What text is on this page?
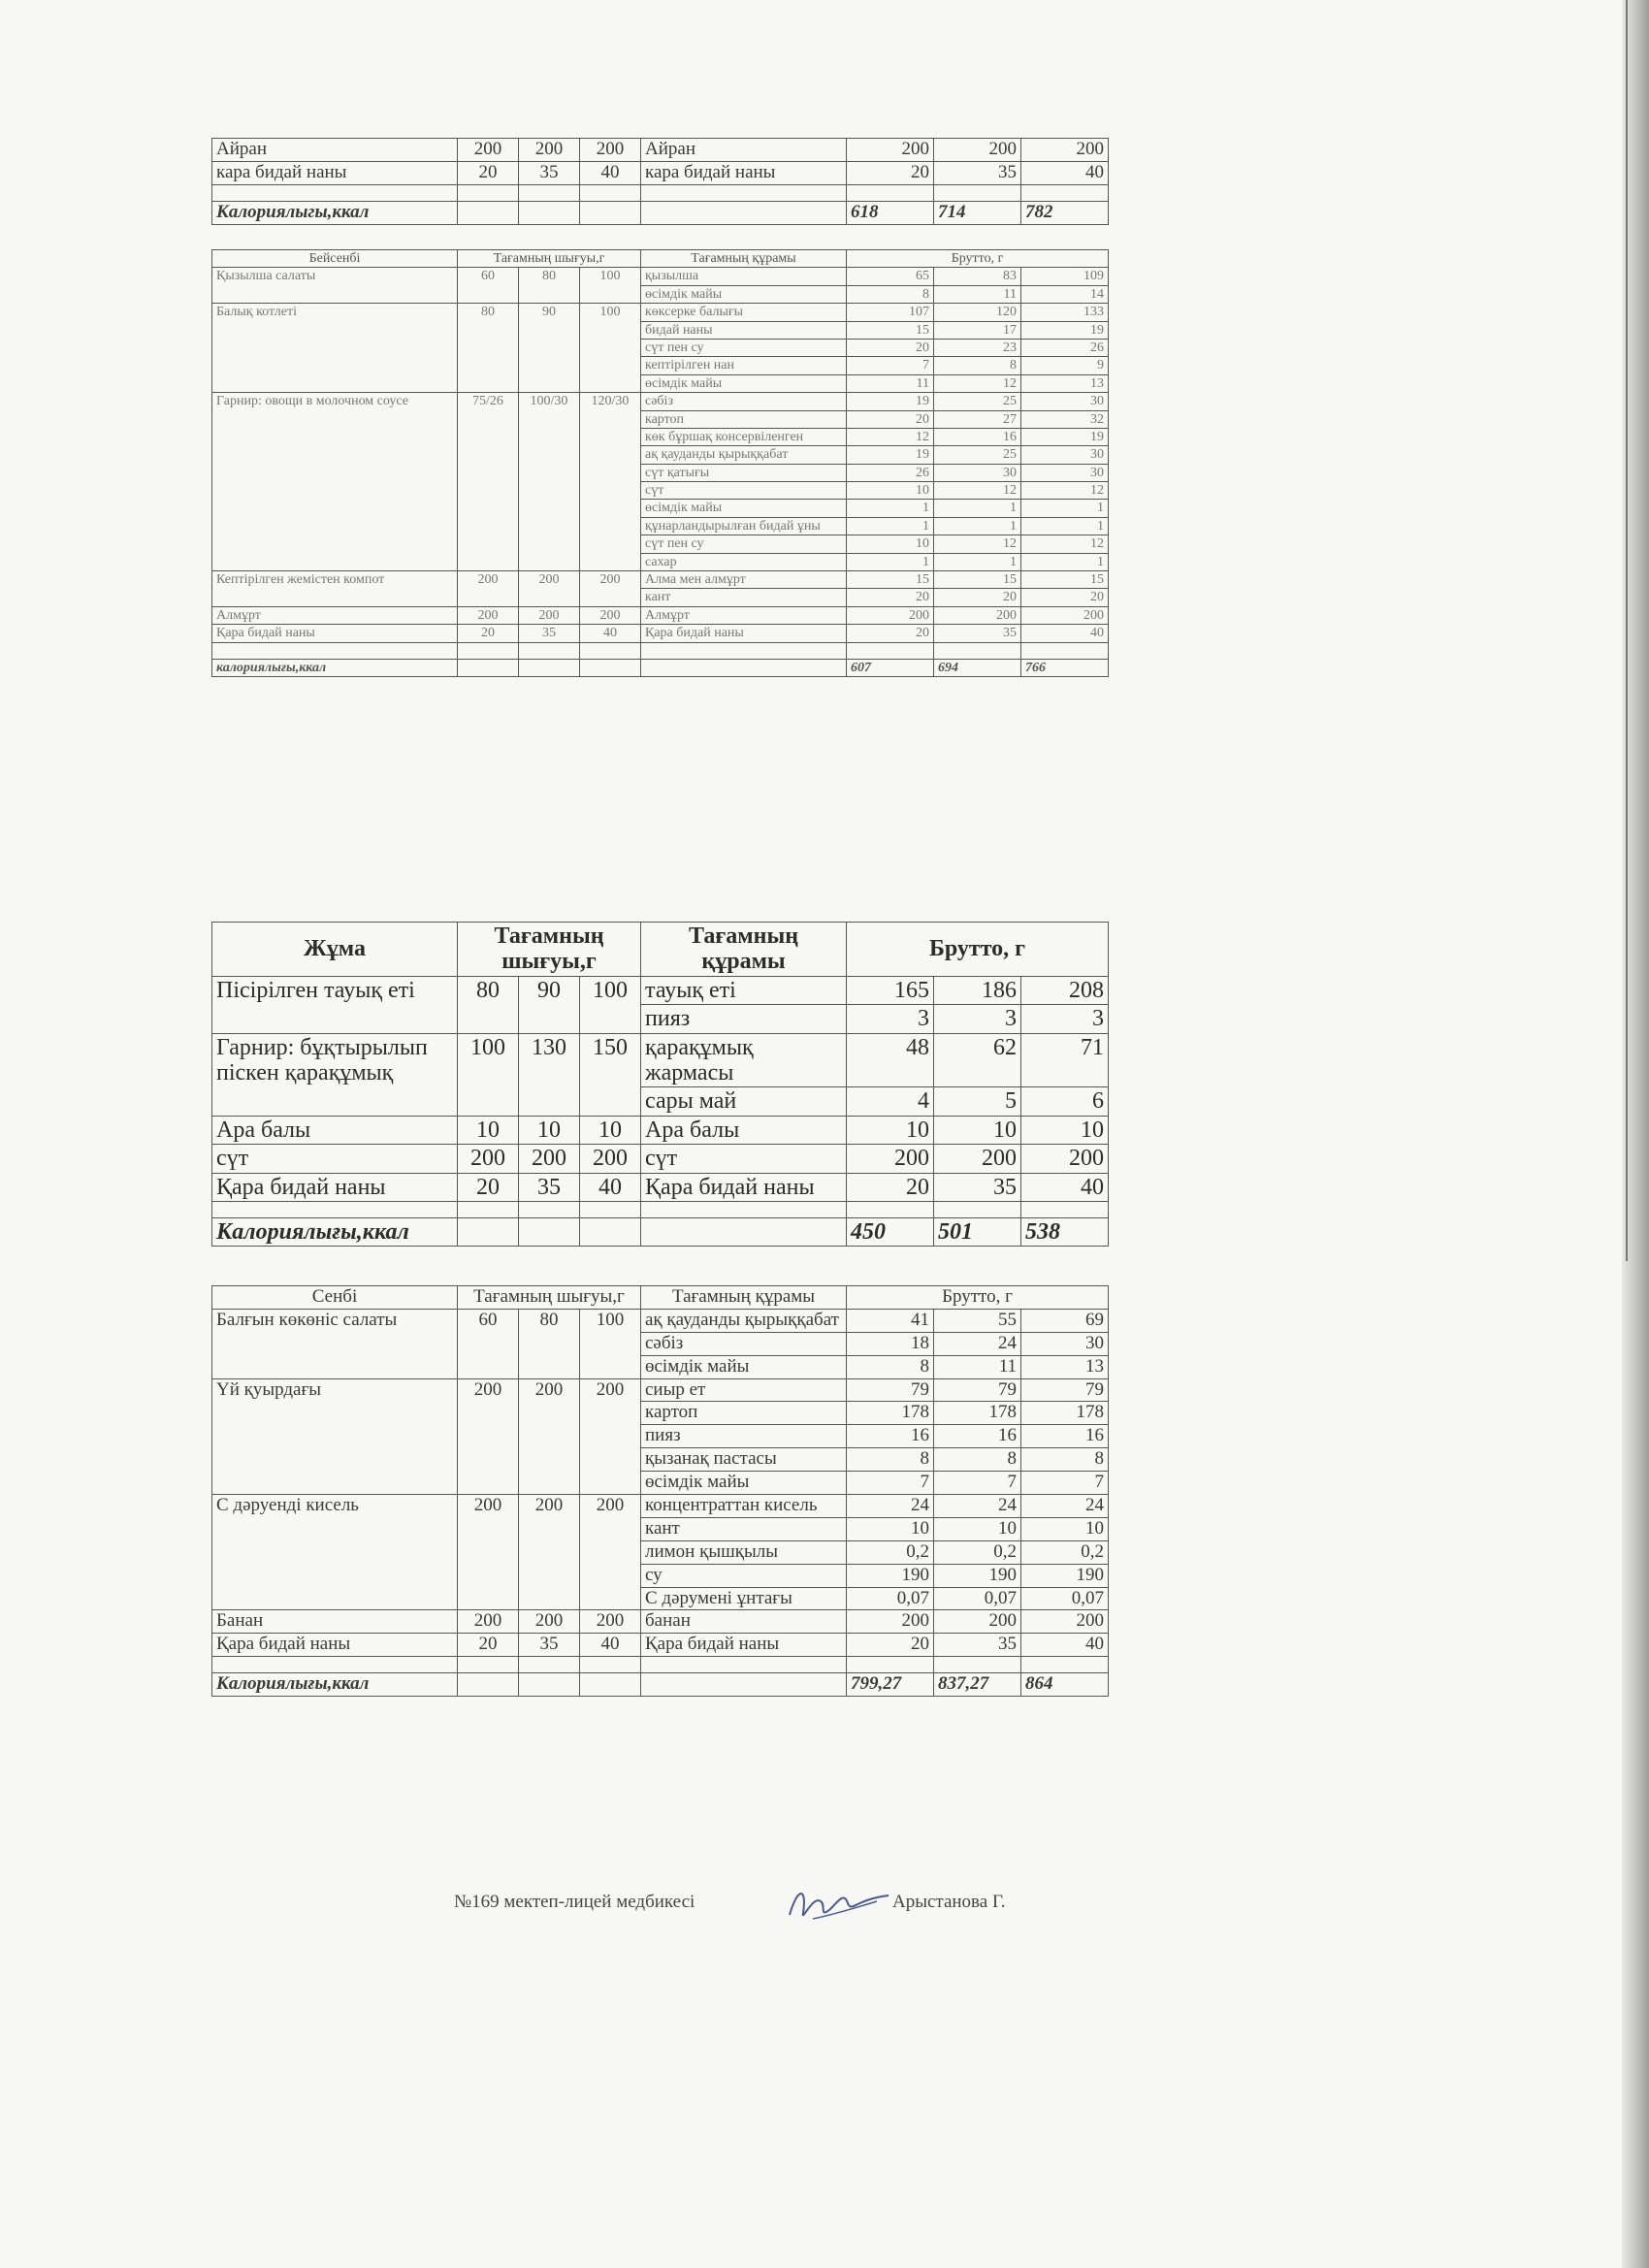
Айран	200	200	200	Айран	200	200	200
кара бидай наны	20	35	40	кара бидай наны	20	35	40

Калориялыгы,ккал					618	714	782
Бейсенбі	Тағамның шығуы,г			Тағамның құрамы	Брутто, г		
Қызылша салаты	60	80	100	қызылша	65	83	109
				өсімдік майы	8	11	14
Балық котлеті	80	90	100	көксерке балығы	107	120	133
				бидай наны	15	17	19
				сүт пен су	20	23	26
				кептірілген нан	7	8	9
				өсімдік майы	11	12	13
Гарнир: овощи в молочном соусе	75/26	100/30	120/30	сәбіз	19	25	30
				картоп	20	27	32
				көк бұршақ консервіленген	12	16	19
				ақ қауданды қырыққабат	19	25	30
				сүт қатығы	26	30	30
				сүт	10	12	12
				өсімдік майы	1	1	1
				құнарландырылған бидай ұны	1	1	1
				сүт пен су	10	12	12
				сахар	1	1	1
Кептірілген жемістен компот	200	200	200	Алма мен алмұрт	15	15	15
				кант	20	20	20
Алмұрт	200	200	200	Алмұрт	200	200	200
Қара бидай наны	20	35	40	Қара бидай наны	20	35	40

калориялығы,ккал					607	694	766
Жұма	Тағамның шығуы,г			Тағамның құрамы	Брутто, г		
Пісірілген тауық еті	80	90	100	тауық еті	165	186	208
				пияз	3	3	3
Гарнир: бұқтырылып піскен қарақұмық	100	130	150	қарақұмық жармасы	48	62	71
				сары май	4	5	6
Ара балы	10	10	10	Ара балы	10	10	10
сүт	200	200	200	сүт	200	200	200
Қара бидай наны	20	35	40	Қара бидай наны	20	35	40

Калориялығы,ккал					450	501	538
Сенбі	Тағамның шығуы,г			Тағамның құрамы	Брутто, г		
Балғын көкөніс салаты	60	80	100	ақ қауданды қырыққабат	41	55	69
				сәбіз	18	24	30
				өсімдік майы	8	11	13
Үй қуырдағы	200	200	200	сиыр ет	79	79	79
				картоп	178	178	178
				пияз	16	16	16
				қызанақ пастасы	8	8	8
				өсімдік майы	7	7	7
С дәруенді кисель	200	200	200	концентраттан кисель	24	24	24
				кант	10	10	10
				лимон қышқылы	0,2	0,2	0,2
				су	190	190	190
				С дәрумені ұнтағы	0,07	0,07	0,07
Банан	200	200	200	банан	200	200	200
Қара бидай наны	20	35	40	Қара бидай наны	20	35	40

Калориялығы,ккал					799,27	837,27	864
№169 мектеп-лицей медбикесі	Арыстанова Г.
